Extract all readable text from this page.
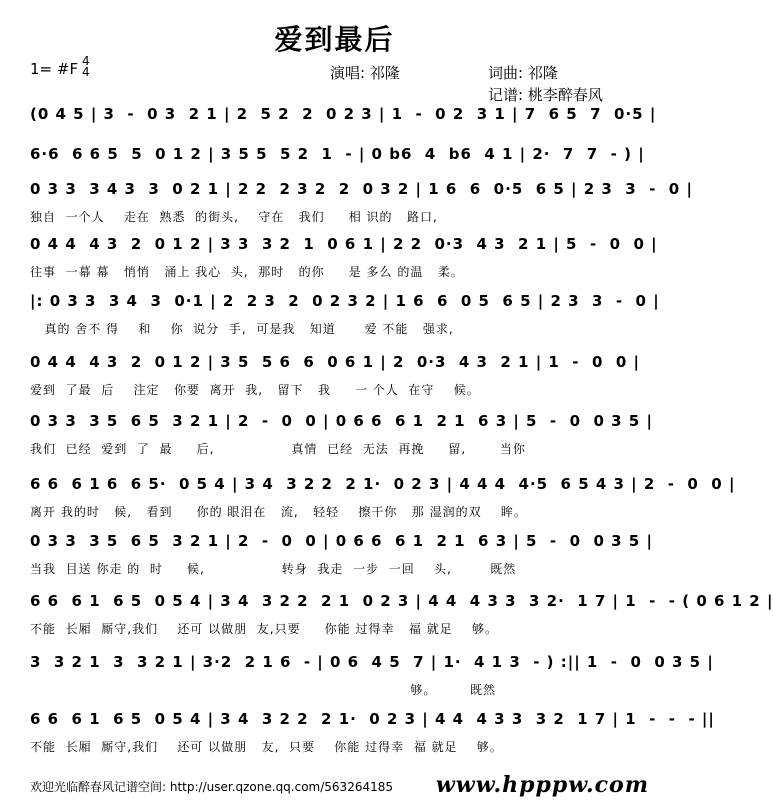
爱到最后
1= #F 4
4	演唱: 祁隆	词曲: 祁隆
记谱: 桃李醉春风
(0 4 5 | 3  -  0 3  2 1 | 2  5 2  2  0 2 3 | 1  -  0 2  3 1 | 7  6 5  7  0·5 |
6·6  6 6 5  5  0 1 2 | 3 5 5  5 2  1  - | 0 b6  4  b6  4 1 | 2·  7  7  - ) |
0 3 3  3 4 3  3  0 2 1 | 2 2  2 3 2  2  0 3 2 | 1 6  6  0·5  6 5 | 2 3  3  -  0 |
独自  一个人    走在  熟悉  的街头,    守在   我们     相 识的   路口,
0 4 4  4 3  2  0 1 2 | 3 3  3 2  1  0 6 1 | 2 2  0·3  4 3  2 1 | 5  -  0  0 |
往事  一幕 幕   悄悄   涌上 我心  头,  那时   的你     是 多么 的温   柔。
|: 0 3 3  3 4  3  0·1 | 2  2 3  2  0 2 3 2 | 1 6  6  0 5  6 5 | 2 3  3  -  0 |
真的 舍不 得    和    你  说分  手,  可是我   知道      爱 不能   强求,
0 4 4  4 3  2  0 1 2 | 3 5  5 6  6  0 6 1 | 2  0·3  4 3  2 1 | 1  -  0  0 |
爱到  了最  后    注定   你要  离开  我,   留下   我     一 个人  在守    候。
0 3 3  3 5  6 5  3 2 1 | 2  -  0  0 | 0 6 6  6 1  2 1  6 3 | 5  -  0  0 3 5 |
我们  已经  爱到  了  最     后,                真情  已经  无法  再挽     留,       当你
6 6  6 1 6  6 5·  0 5 4 | 3 4  3 2 2  2 1·  0 2 3 | 4 4 4  4·5  6 5 4 3 | 2  -  0  0 |
离开 我的时   候,   看到     你的 眼泪在   流,   轻轻    擦干你   那 湿润的双    眸。
0 3 3  3 5  6 5  3 2 1 | 2  -  0  0 | 0 6 6  6 1  2 1  6 3 | 5  -  0  0 3 5 |
当我  目送 你走 的  时     候,                转身  我走  一步  一回    头,        既然
6 6  6 1  6 5  0 5 4 | 3 4  3 2 2  2 1  0 2 3 | 4 4  4 3 3  3 2·  1 7 | 1  -  - ( 0 6 1 2 |
不能  长厢  厮守,我们    还可 以做朋  友,只要     你能 过得幸   福 就足    够。
3  3 2 1  3  3 2 1 | 3·2  2 1 6  - | 0 6  4 5  7 | 1·  4 1 3  - ) :|| 1  -  0  0 3 5 |
够。       既然
6 6  6 1  6 5  0 5 4 | 3 4  3 2 2  2 1·  0 2 3 | 4 4  4 3 3  3 2  1 7 | 1  -  -  - ||
不能  长厢  厮守,我们    还可 以做朋   友,  只要    你能 过得幸  福 就足    够。
欢迎光临醉春风记谱空间: http://user.qzone.qq.com/563264185 www.hpppw.com
